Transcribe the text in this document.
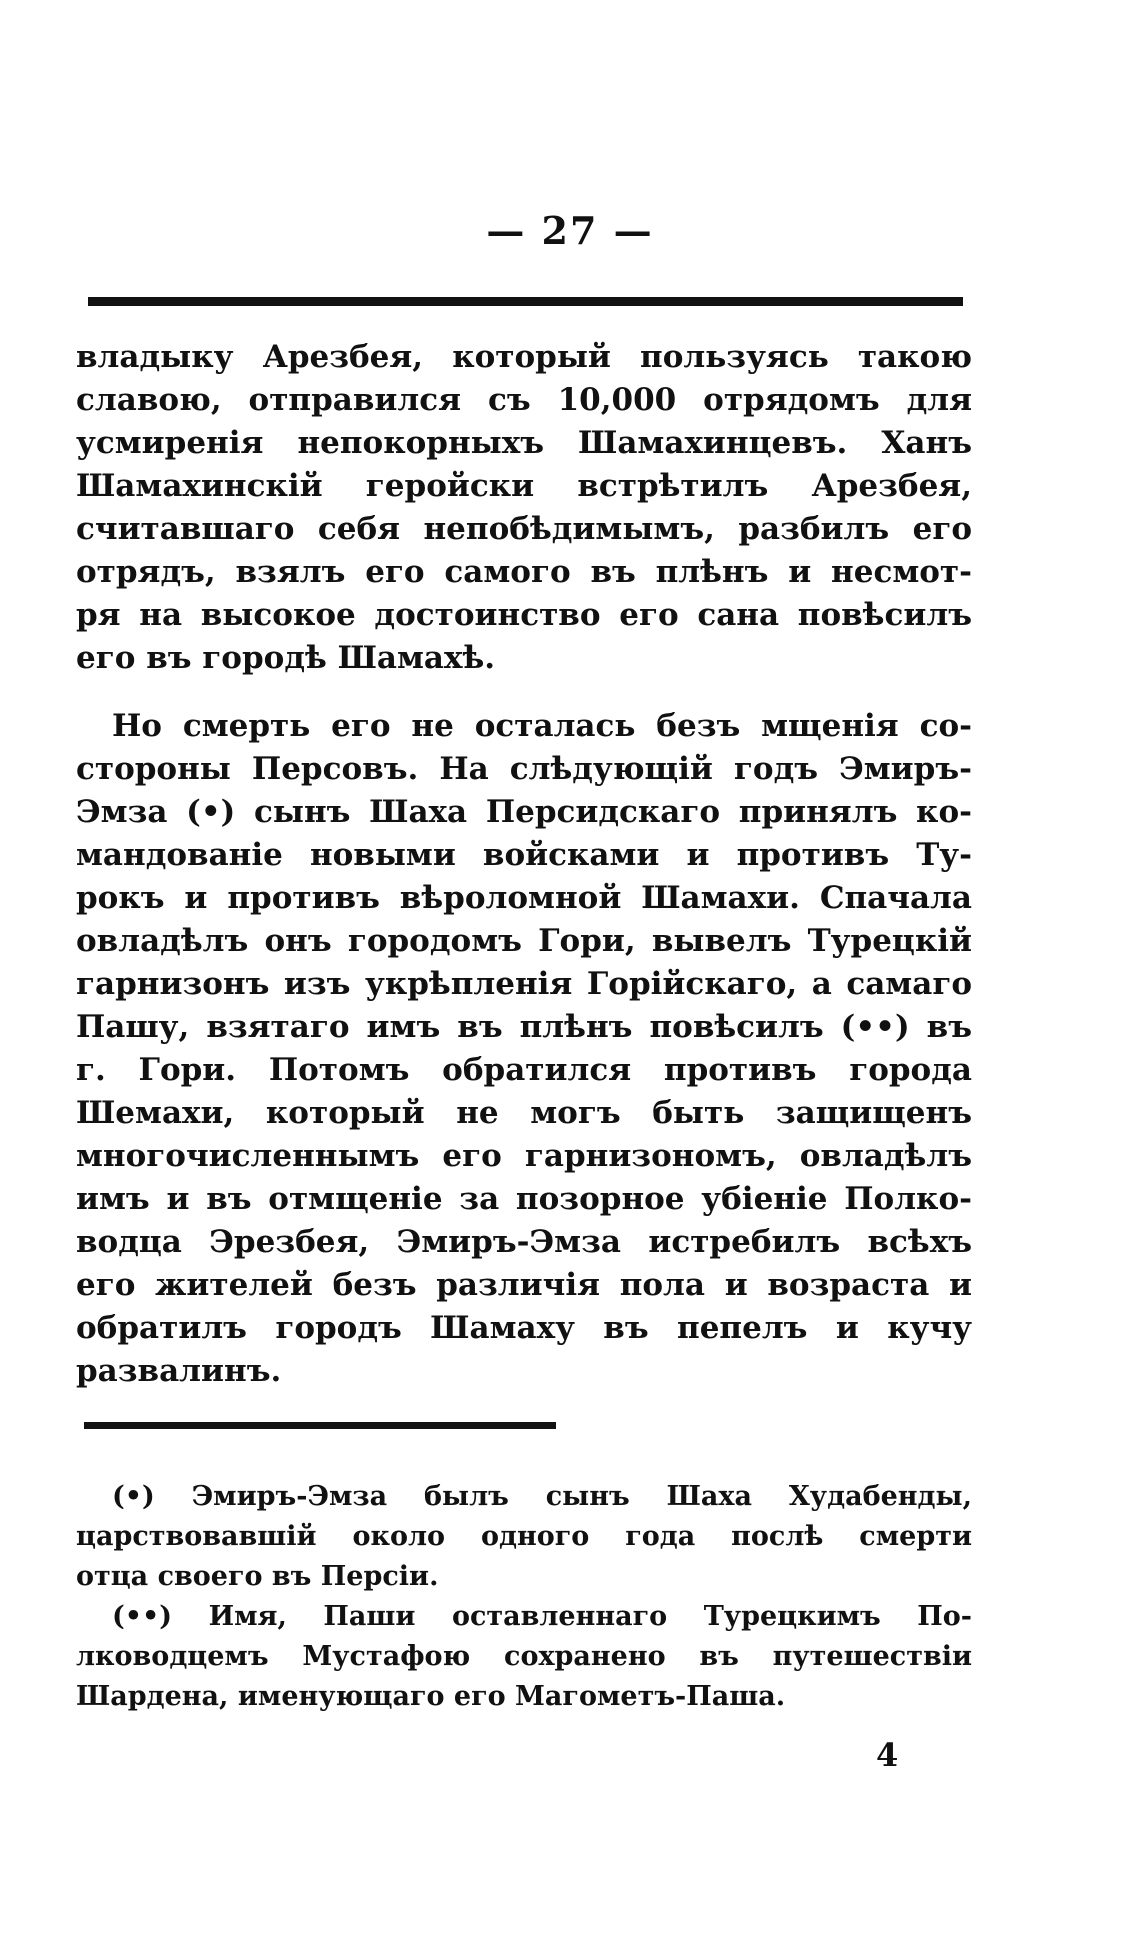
— 27 —
владыку Арезбея, который пользуясь такою
славою, отправился съ 10,000 отрядомъ для
усмиренія непокорныхъ Шамахинцевъ. Ханъ
Шамахинскій геройски встрѣтилъ Арезбея,
считавшаго себя непобѣдимымъ, разбилъ его
отрядъ, взялъ его самого въ плѣнъ и несмот-
ря на высокое достоинство его сана повѣсилъ
его въ городѣ Шамахѣ.
Но смерть его не осталась безъ мщенія со-
стороны Персовъ. На слѣдующій годъ Эмиръ-
Эмза (•) сынъ Шаха Персидскаго принялъ ко-
мандованіе новыми войсками и противъ Ту-
рокъ и противъ вѣроломной Шамахи. Спачала
овладѣлъ онъ городомъ Гори, вывелъ Турецкій
гарнизонъ изъ укрѣпленія Горійскаго, а самаго
Пашу, взятаго имъ въ плѣнъ повѣсилъ (••) въ
г. Гори. Потомъ обратился противъ города
Шемахи, который не могъ быть защищенъ
многочисленнымъ его гарнизономъ, овладѣлъ
имъ и въ отмщеніе за позорное убіеніе Полко-
водца Эрезбея, Эмиръ-Эмза истребилъ всѣхъ
его жителей безъ различія пола и возраста и
обратилъ городъ Шамаху въ пепелъ и кучу
развалинъ.
(•) Эмиръ-Эмза былъ сынъ Шаха Худабенды,
царствовавшій около одного года послѣ смерти
отца своего въ Персіи.
(••) Имя, Паши оставленнаго Турецкимъ По-
лководцемъ Мустафою сохранено въ путешествіи
Шардена, именующаго его Магометъ-Паша.
4
